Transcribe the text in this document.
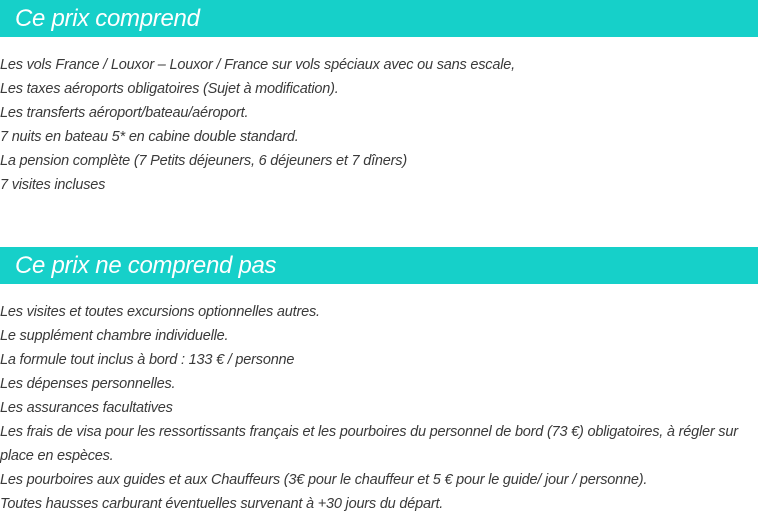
Ce prix comprend
Les vols France / Louxor – Louxor / France sur vols spéciaux avec ou sans escale,
Les taxes aéroports obligatoires (Sujet à modification).
Les transferts aéroport/bateau/aéroport.
7 nuits en bateau 5* en cabine double standard.
La pension complète (7 Petits déjeuners, 6 déjeuners et 7 dîners)
7 visites incluses
Ce prix ne comprend pas
Les visites et toutes excursions optionnelles autres.
Le supplément chambre individuelle.
La formule tout inclus à bord : 133 € / personne
Les dépenses personnelles.
Les assurances facultatives
Les frais de visa pour les ressortissants français et les pourboires du personnel de bord (73 €) obligatoires, à régler sur place en espèces.
Les pourboires aux guides et aux Chauffeurs (3€ pour le chauffeur et 5 € pour le guide/ jour / personne).
Toutes hausses carburant éventuelles survenant à +30 jours du départ.
